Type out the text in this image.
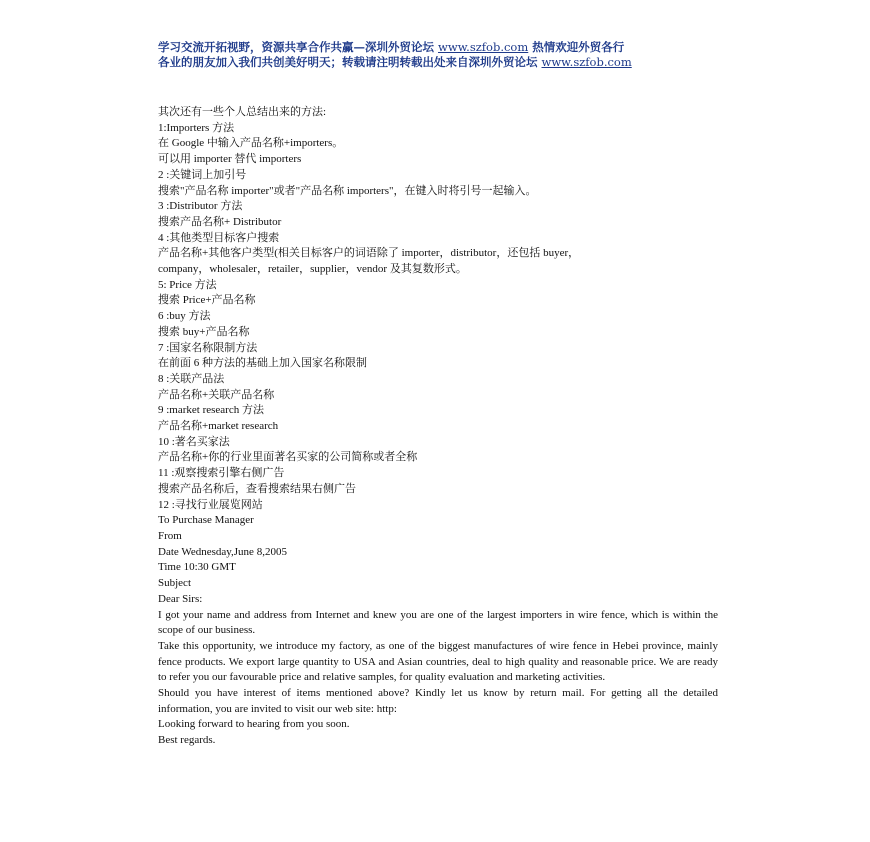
学习交流开拓视野，资源共享合作共赢—深圳外贸论坛 www.szfob.com 热情欢迎外贸各行
各业的朋友加入我们共创美好明天；转载请注明转载出处来自深圳外贸论坛 www.szfob.com
其次还有一些个人总结出来的方法:
1:Importers 方法
在 Google 中输入产品名称+importers。
可以用 importer 替代 importers
2 :关键词上加引号
搜索"产品名称 importer"或者"产品名称 importers"，在键入时将引号一起输入。
3 :Distributor 方法
搜索产品名称+ Distributor
4 :其他类型目标客户搜索
产品名称+其他客户类型(相关目标客户的词语除了 importer，distributor，还包括 buyer，
company，wholesaler，retailer，supplier，vendor 及其复数形式。
5: Price 方法
搜索 Price+产品名称
6 :buy 方法
搜索 buy+产品名称
7 :国家名称限制方法
在前面 6 种方法的基础上加入国家名称限制
8 :关联产品法
产品名称+关联产品名称
9 :market research 方法
产品名称+market research
10 :著名买家法
产品名称+你的行业里面著名买家的公司简称或者全称
11 :观察搜索引擎右侧广告
搜索产品名称后，查看搜索结果右侧广告
12 :寻找行业展览网站
To Purchase Manager
From
Date Wednesday,June 8,2005
Time 10:30 GMT
Subject
Dear Sirs:
I got your name and address from Internet and knew you are one of the largest importers in wire fence, which is within the scope of our business.
Take this opportunity, we introduce my factory, as one of the biggest manufactures of wire fence in Hebei province, mainly fence products. We export large quantity to USA and Asian countries, deal to high quality and reasonable price. We are ready to refer you our favourable price and relative samples, for quality evaluation and marketing activities.
Should you have interest of items mentioned above? Kindly let us know by return mail. For getting all the detailed information, you are invited to visit our web site: http:
Looking forward to hearing from you soon.
Best regards.
